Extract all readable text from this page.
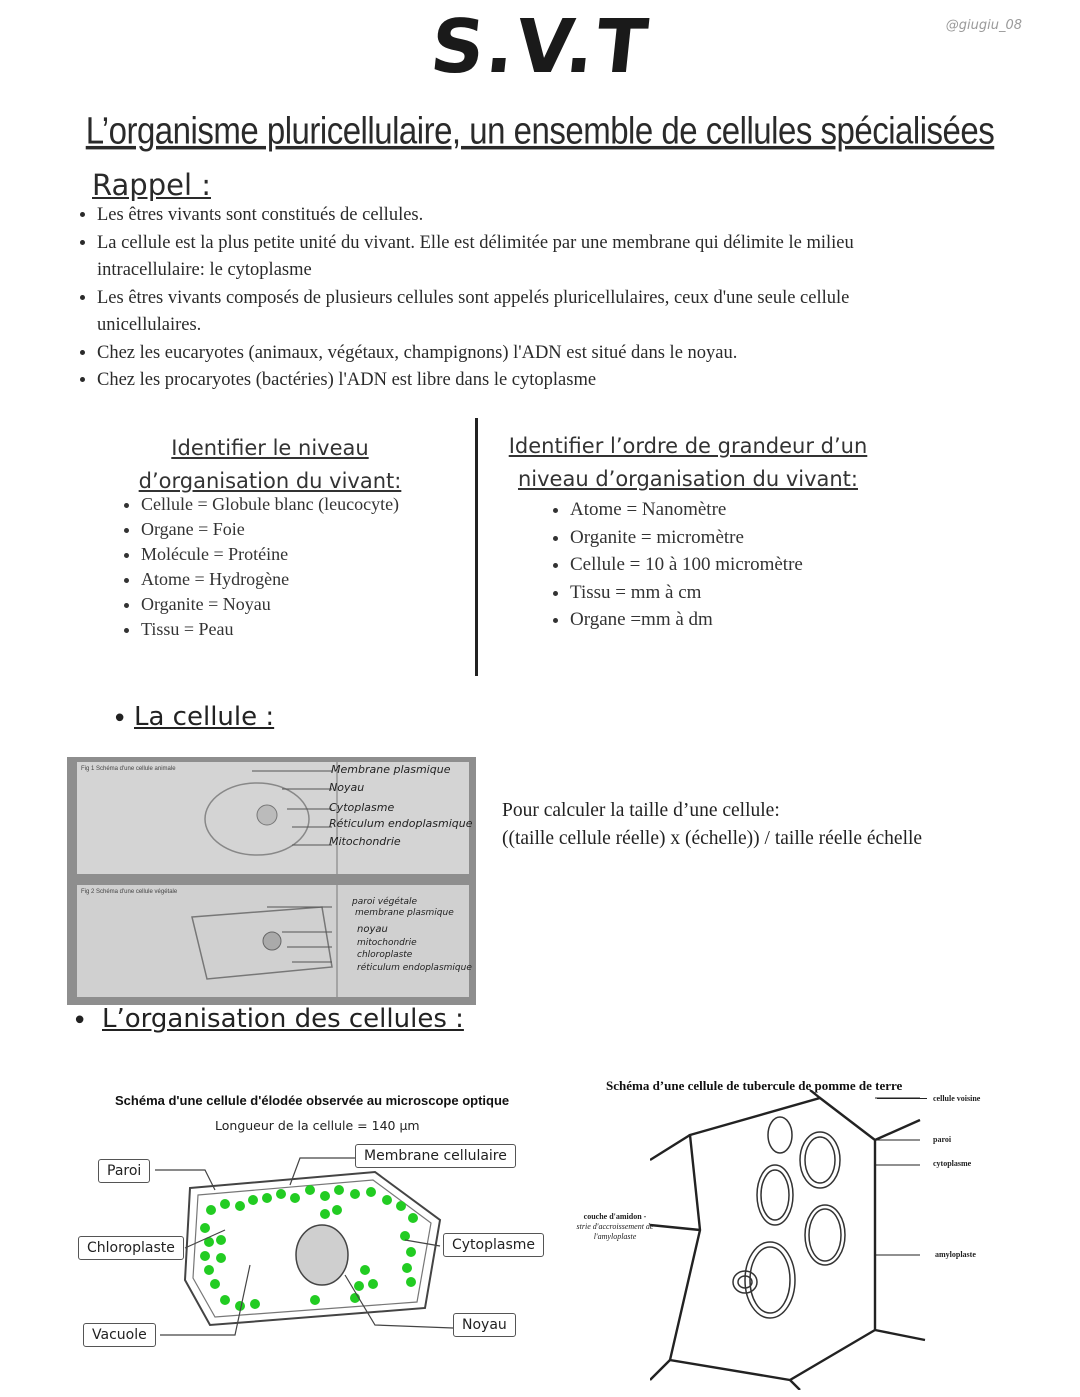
S.V.T	@giugiu_08
L’organisme pluricellulaire, un ensemble de cellules spécialisées
Rappel :
• Les êtres vivants sont constitués de cellules.
• La cellule est la plus petite unité du vivant. Elle est délimitée par une membrane qui délimite le milieu intracellulaire: le cytoplasme
• Les êtres vivants composés de plusieurs cellules sont appelés pluricellulaires, ceux d'une seule cellule unicellulaires.
• Chez les eucaryotes (animaux, végétaux, champignons) l'ADN est situé dans le noyau.
• Chez les procaryotes (bactéries) l'ADN est libre dans le cytoplasme
Identifier le niveau
d’organisation du vivant:
• Cellule = Globule blanc (leucocyte)
• Organe = Foie
• Molécule = Protéine
• Atome = Hydrogène
• Organite = Noyau
• Tissu = Peau
Identifier l’ordre de grandeur d’un
niveau d’organisation du vivant:
• Atome = Nanomètre
• Organite = micromètre
• Cellule = 10 à 100 micromètre
• Tissu = mm à cm
• Organe =mm à dm
• La cellule :
Fig 1 Schéma d'une cellule animale
Fig 2 Schéma d'une cellule végétale
Membrane plasmique
Noyau
Cytoplasme
Réticulum endoplasmique
Mitochondrie
paroi végétale
membrane plasmique
noyau
mitochondrie
chloroplaste
réticulum endoplasmique
Pour calculer la taille d’une cellule:
((taille cellule réelle) x (échelle)) / taille réelle échelle
• L’organisation des cellules :
Schéma d'une cellule d'élodée observée au microscope optique
Longueur de la cellule = 140 µm
Paroi
Membrane cellulaire
Chloroplaste	Cytoplasme
Noyau
Vacuole
Schéma d’une cellule de tubercule de pomme de terre
cellule voisine
paroi
cytoplasme
amyloplaste
couche d'amidon -
strie d'accroissement de
l'amyloplaste
